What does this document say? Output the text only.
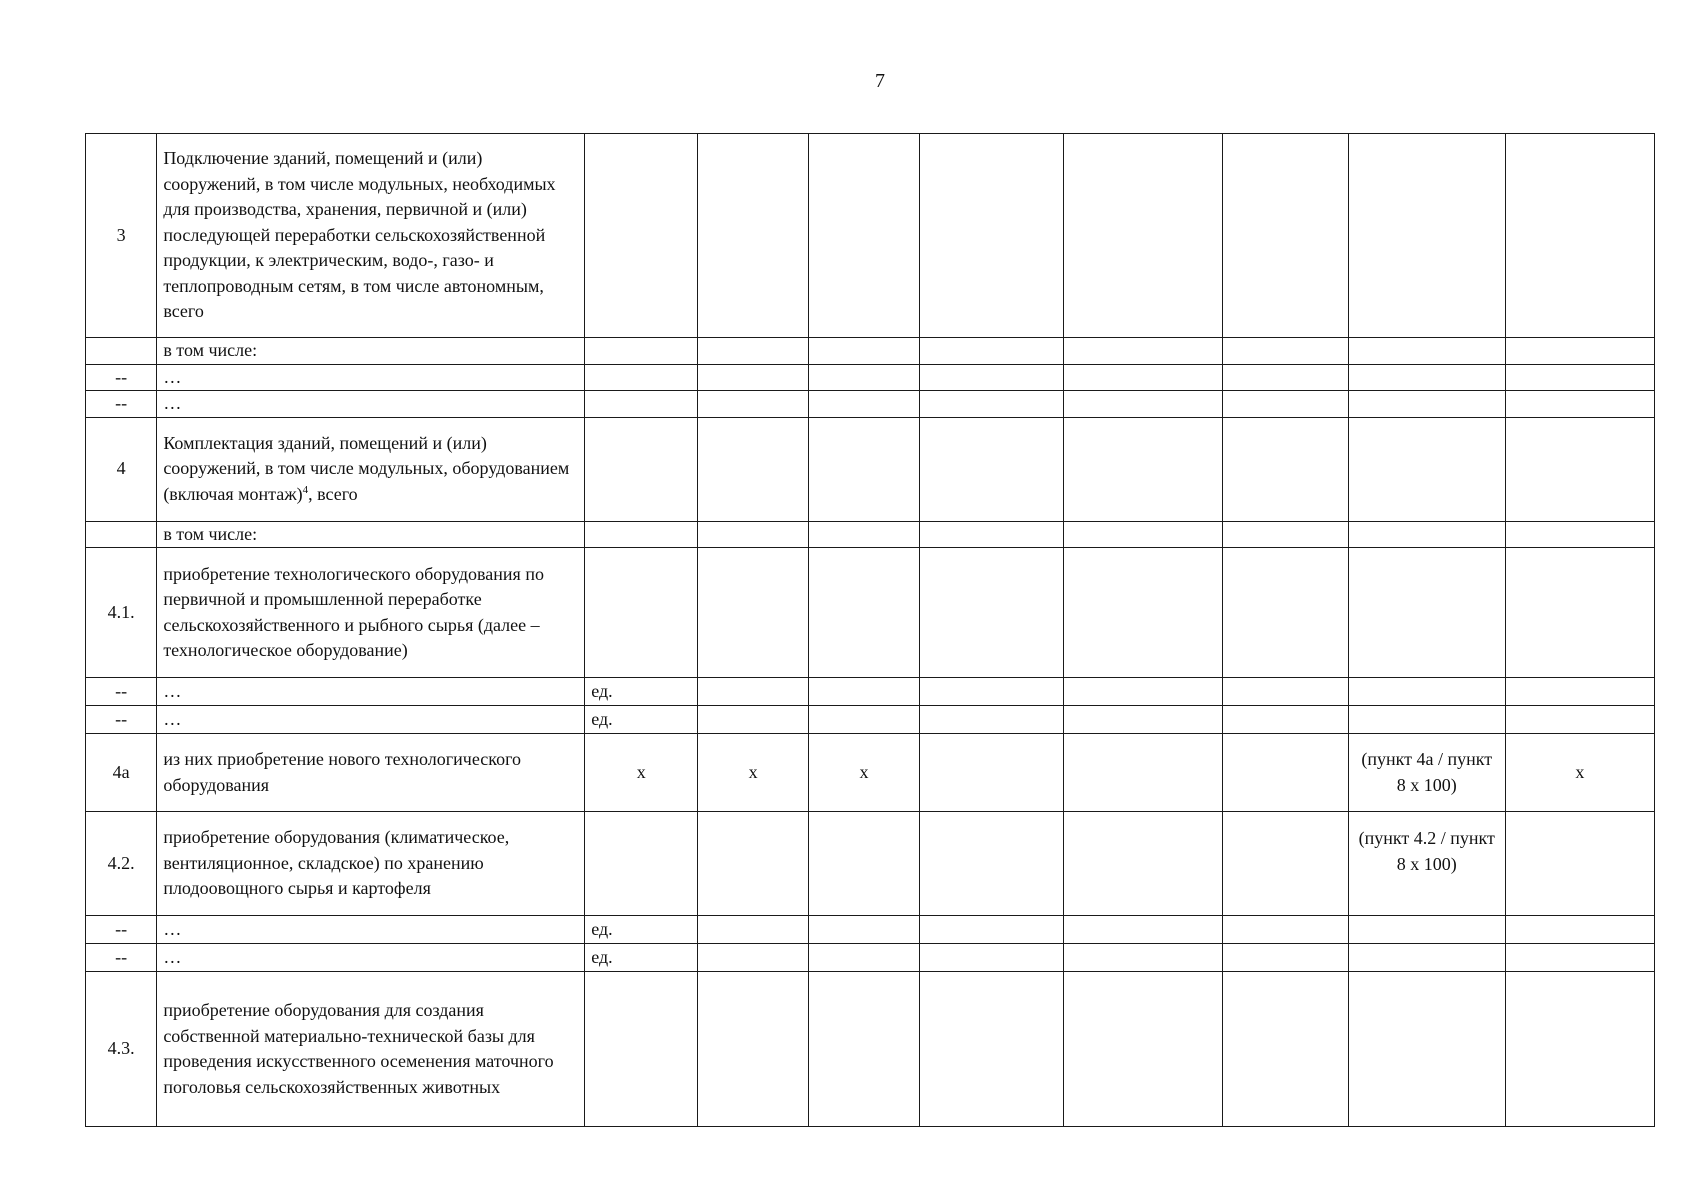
7
3	Подключение зданий, помещений и (или) сооружений, в том числе модульных, необходимых для производства, хранения, первичной и (или) последующей переработки сельскохозяйственной продукции, к электрическим, водо-, газо- и теплопроводным сетям, в том числе автономным, всего								
	в том числе:								
--	…								
--	…								
4	Комплектация зданий, помещений и (или) сооружений, в том числе модульных, оборудованием (включая монтаж)$^4$, всего								
	в том числе:								
4.1.	приобретение технологического оборудования по первичной и промышленной переработке сельскохозяйственного и рыбного сырья (далее – технологическое оборудование)								
--	…	ед.							
--	…	ед.							
4а	из них приобретение нового технологического оборудования	х	х	х				(пункт 4а / пункт 8 х 100)	х
4.2.	приобретение оборудования (климатическое, вентиляционное, складское) по хранению плодоовощного сырья и картофеля							(пункт 4.2 / пункт 8 х 100)	
--	…	ед.							
--	…	ед.							
4.3.	приобретение оборудования для создания собственной материально-технической базы для проведения искусственного осеменения маточного поголовья сельскохозяйственных животных								
